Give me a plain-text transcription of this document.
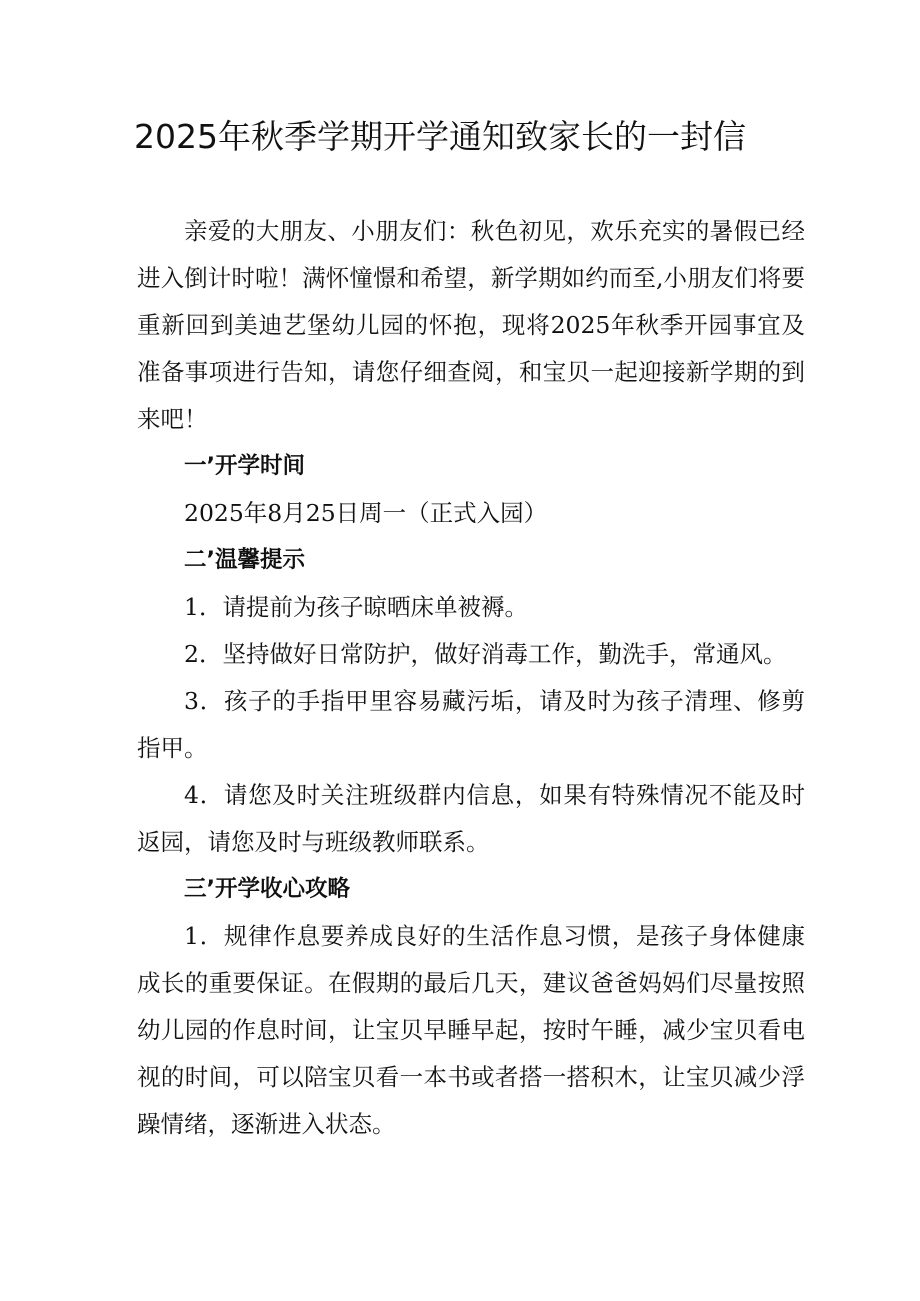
2025年秋季学期开学通知致家长的一封信

亲爱的大朋友、小朋友们：秋色初见，欢乐充实的暑假已经进入倒计时啦！满怀憧憬和希望，新学期如约而至,小朋友们将要重新回到美迪艺堡幼儿园的怀抱，现将2025年秋季开园事宜及准备事项进行告知，请您仔细查阅，和宝贝一起迎接新学期的到来吧！

一’开学时间

2025年8月25日周一（正式入园）

二’温馨提示

1．请提前为孩子晾晒床单被褥。

2．坚持做好日常防护，做好消毒工作，勤洗手，常通风。

3．孩子的手指甲里容易藏污垢，请及时为孩子清理、修剪指甲。

4．请您及时关注班级群内信息，如果有特殊情况不能及时返园，请您及时与班级教师联系。

三’开学收心攻略

1．规律作息要养成良好的生活作息习惯，是孩子身体健康成长的重要保证。在假期的最后几天，建议爸爸妈妈们尽量按照幼儿园的作息时间，让宝贝早睡早起，按时午睡，减少宝贝看电视的时间，可以陪宝贝看一本书或者搭一搭积木，让宝贝减少浮躁情绪，逐渐进入状态。
